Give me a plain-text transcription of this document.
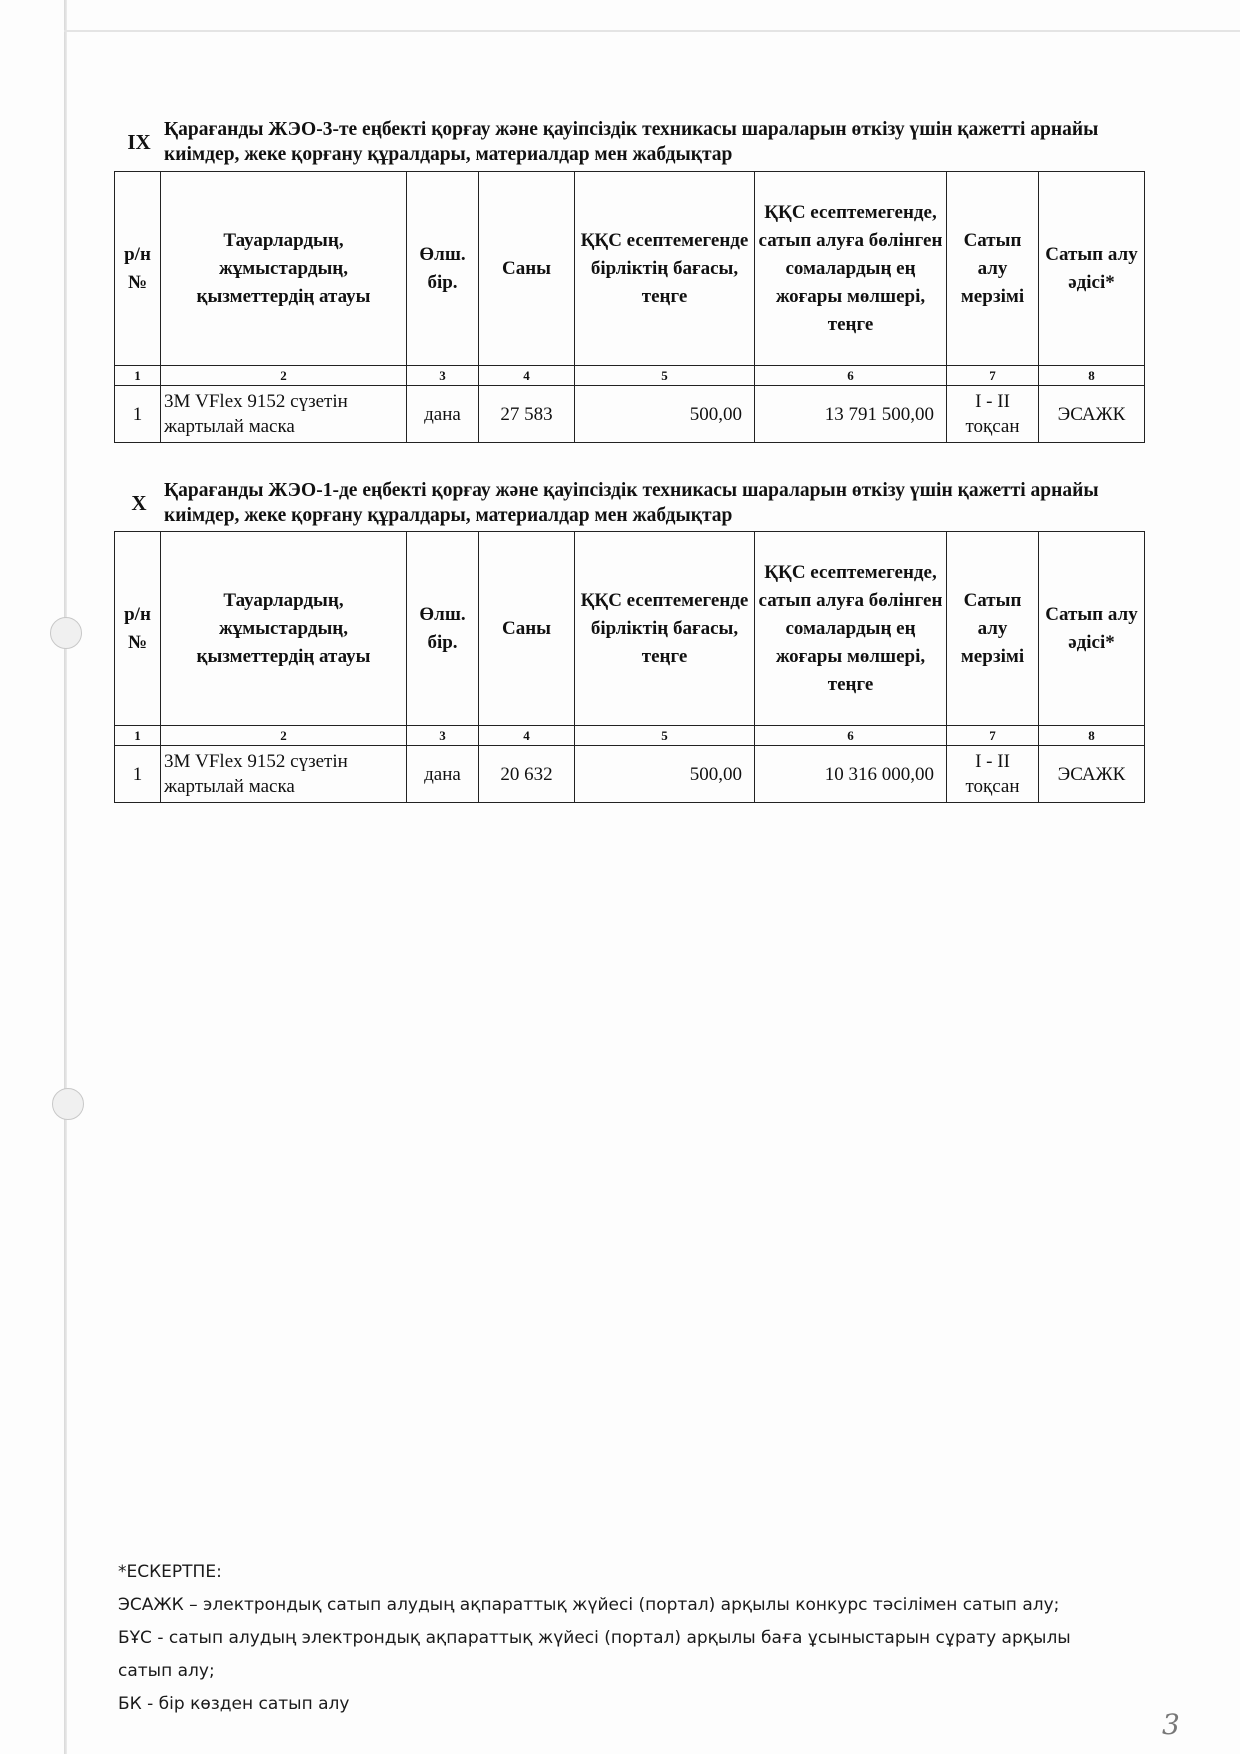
IX Қарағанды ЖЭО-3-те еңбекті қорғау және қауіпсіздік техникасы шараларын өткізу үшін қажетті арнайы киімдер, жеке қорғану құралдары, материалдар мен жабдықтар
р/н №	Тауарлардың, жұмыстардың, қызметтердің атауы	Өлш. бір.	Саны	ҚҚС есептемегенде бірліктің бағасы, теңге	ҚҚС есептемегенде, сатып алуға бөлінген сомалардың ең жоғары мөлшері, теңге	Сатып алу мерзімі	Сатып алу әдісі*
1	2	3	4	5	6	7	8
1	3М VFlex 9152 сүзетін жартылай маска	дана	27 583	500,00	13 791 500,00	I - II тоқсан	ЭСАЖК
X Қарағанды ЖЭО-1-де еңбекті қорғау және қауіпсіздік техникасы шараларын өткізу үшін қажетті арнайы киімдер, жеке қорғану құралдары, материалдар мен жабдықтар
р/н №	Тауарлардың, жұмыстардың, қызметтердің атауы	Өлш. бір.	Саны	ҚҚС есептемегенде бірліктің бағасы, теңге	ҚҚС есептемегенде, сатып алуға бөлінген сомалардың ең жоғары мөлшері, теңге	Сатып алу мерзімі	Сатып алу әдісі*
1	2	3	4	5	6	7	8
1	3М VFlex 9152 сүзетін жартылай маска	дана	20 632	500,00	10 316 000,00	I - II тоқсан	ЭСАЖК

*ЕСКЕРТПЕ:

ЭСАЖК – электрондық сатып алудың ақпараттық жүйесі (портал) арқылы конкурс тәсілімен сатып алу;

БҰС - сатып алудың электрондық ақпараттық жүйесі (портал) арқылы баға ұсыныстарын сұрату арқылы сатып алу;

БК - бір көзден сатып алу

3
